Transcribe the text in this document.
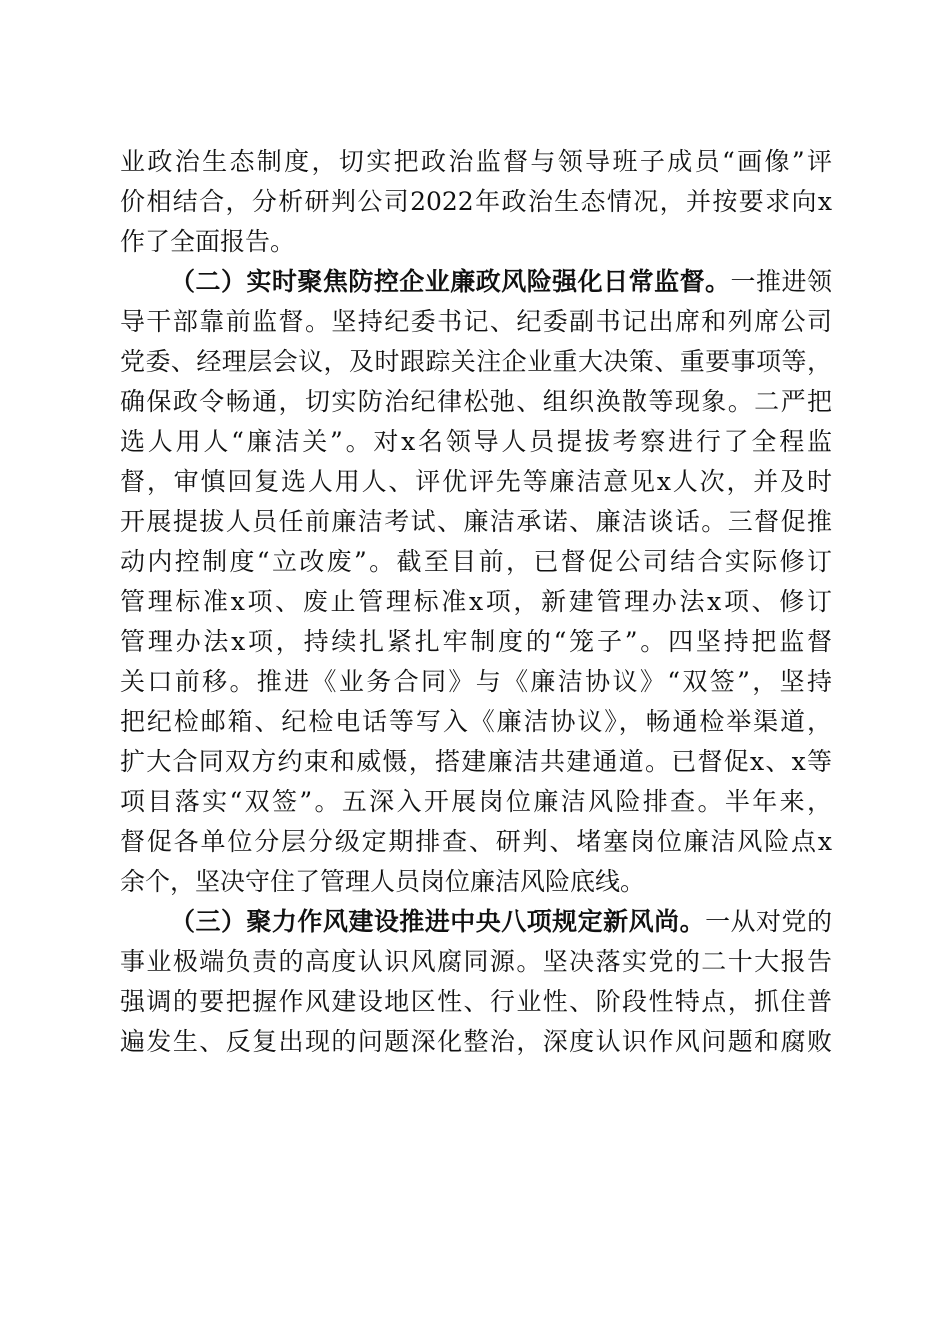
业政治生态制度，切实把政治监督与领导班子成员“画像”评
价相结合，分析研判公司2022年政治生态情况，并按要求向x
作了全面报告。
（二）实时聚焦防控企业廉政风险强化日常监督。一推进领
导干部靠前监督。坚持纪委书记、纪委副书记出席和列席公司
党委、经理层会议，及时跟踪关注企业重大决策、重要事项等，
确保政令畅通，切实防治纪律松弛、组织涣散等现象。二严把
选人用人“廉洁关”。对x名领导人员提拔考察进行了全程监
督，审慎回复选人用人、评优评先等廉洁意见x人次，并及时
开展提拔人员任前廉洁考试、廉洁承诺、廉洁谈话。三督促推
动内控制度“立改废”。截至目前，已督促公司结合实际修订
管理标准x项、废止管理标准x项，新建管理办法x项、修订
管理办法x项，持续扎紧扎牢制度的“笼子”。四坚持把监督
关口前移。推进《业务合同》与《廉洁协议》“双签”，坚持
把纪检邮箱、纪检电话等写入《廉洁协议》，畅通检举渠道，
扩大合同双方约束和威慑，搭建廉洁共建通道。已督促x、x等
项目落实“双签”。五深入开展岗位廉洁风险排查。半年来，
督促各单位分层分级定期排查、研判、堵塞岗位廉洁风险点x
余个，坚决守住了管理人员岗位廉洁风险底线。
（三）聚力作风建设推进中央八项规定新风尚。一从对党的
事业极端负责的高度认识风腐同源。坚决落实党的二十大报告
强调的要把握作风建设地区性、行业性、阶段性特点，抓住普
遍发生、反复出现的问题深化整治，深度认识作风问题和腐败
